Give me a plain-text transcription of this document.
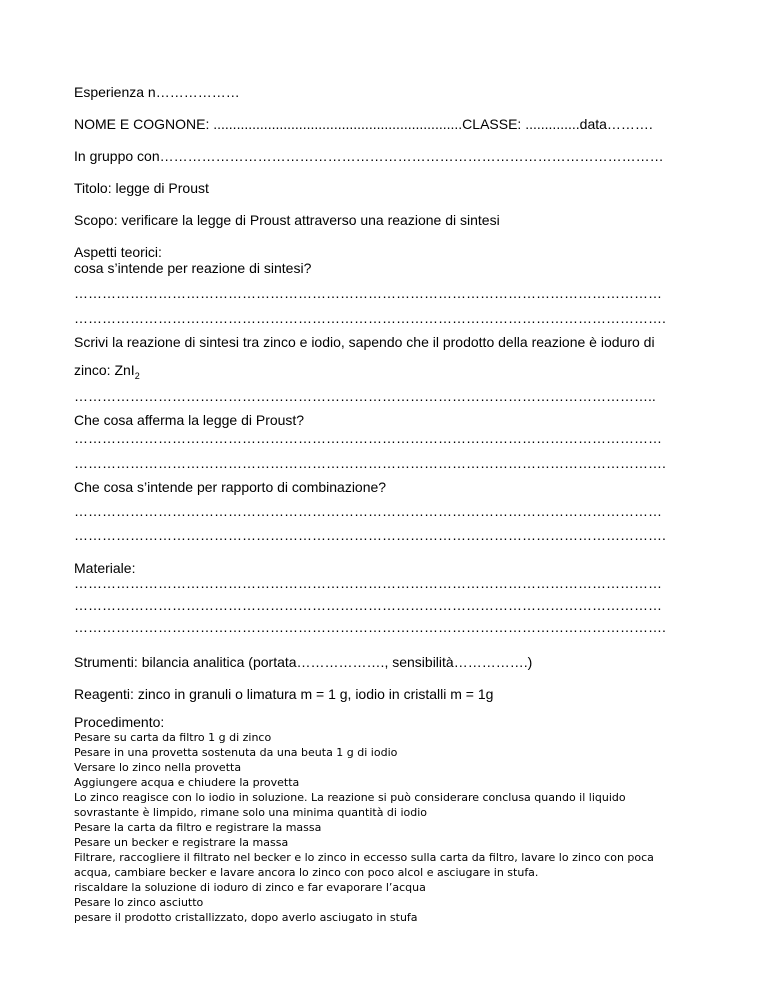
Esperienza n………………
NOME E COGNONE: ................................................................CLASSE: ..............data……….
In gruppo con………………………………………………………………………………………………
Titolo: legge di Proust
Scopo: verificare la legge di Proust attraverso una reazione di sintesi
Aspetti teorici:
cosa s’intende per reazione di sintesi?
………………………………………………………………………………………………………………
……………………………………………………………………………………………………………….
Scrivi la reazione di sintesi tra zinco e iodio, sapendo che il prodotto della reazione è ioduro di
zinco: ZnI$_2$
……………………………………………………………………………………………………………..
Che cosa afferma la legge di Proust?
………………………………………………………………………………………………………………
……………………………………………………………………………………………………………….
Che cosa s’intende per rapporto di combinazione?
………………………………………………………………………………………………………………
……………………………………………………………………………………………………………….
Materiale:
………………………………………………………………………………………………………………
………………………………………………………………………………………………………………
……………………………………………………………………………………………………………….
Strumenti: bilancia analitica (portata………………., sensibilità…………….)
Reagenti: zinco in granuli o limatura m = 1 g, iodio in cristalli m = 1g
Procedimento:
Pesare su carta da filtro 1 g di zinco
Pesare in una provetta sostenuta da una beuta 1 g di iodio
Versare lo zinco nella provetta
Aggiungere acqua e chiudere la provetta
Lo zinco reagisce con lo iodio in soluzione. La reazione si può considerare conclusa quando il liquido
sovrastante è limpido, rimane solo una minima quantità di iodio
Pesare la carta da filtro e registrare la massa
Pesare un becker e registrare la massa
Filtrare, raccogliere il filtrato nel becker e lo zinco in eccesso sulla carta da filtro, lavare lo zinco con poca
acqua, cambiare becker e lavare ancora lo zinco con poco alcol e asciugare in stufa.
riscaldare la soluzione di ioduro di zinco e far evaporare l’acqua
Pesare lo zinco asciutto
pesare il prodotto cristallizzato, dopo averlo asciugato in stufa
